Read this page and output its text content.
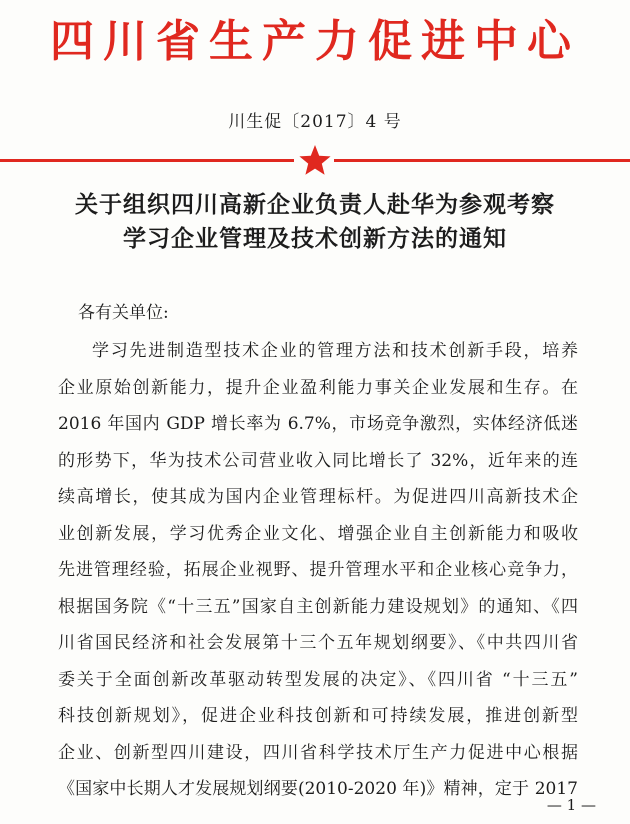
四川省生产力促进中心
川生促〔2017〕4 号
关于组织四川高新企业负责人赴华为参观考察
学习企业管理及技术创新方法的通知
各有关单位:
学习先进制造型技术企业的管理方法和技术创新手段，培养
企业原始创新能力，提升企业盈利能力事关企业发展和生存。在
2016 年国内 GDP 增长率为 6.7%，市场竞争激烈，实体经济低迷
的形势下，华为技术公司营业收入同比增长了 32%，近年来的连
续高增长，使其成为国内企业管理标杆。为促进四川高新技术企
业创新发展，学习优秀企业文化、增强企业自主创新能力和吸收
先进管理经验，拓展企业视野、提升管理水平和企业核心竞争力，
根据国务院《“十三五”国家自主创新能力建设规划》的通知、《四
川省国民经济和社会发展第十三个五年规划纲要》、《中共四川省
委关于全面创新改革驱动转型发展的决定》、《四川省 “十三五”
科技创新规划》，促进企业科技创新和可持续发展，推进创新型
企业、创新型四川建设，四川省科学技术厅生产力促进中心根据
《国家中长期人才发展规划纲要(2010-2020 年)》精神，定于 2017
— 1 —
